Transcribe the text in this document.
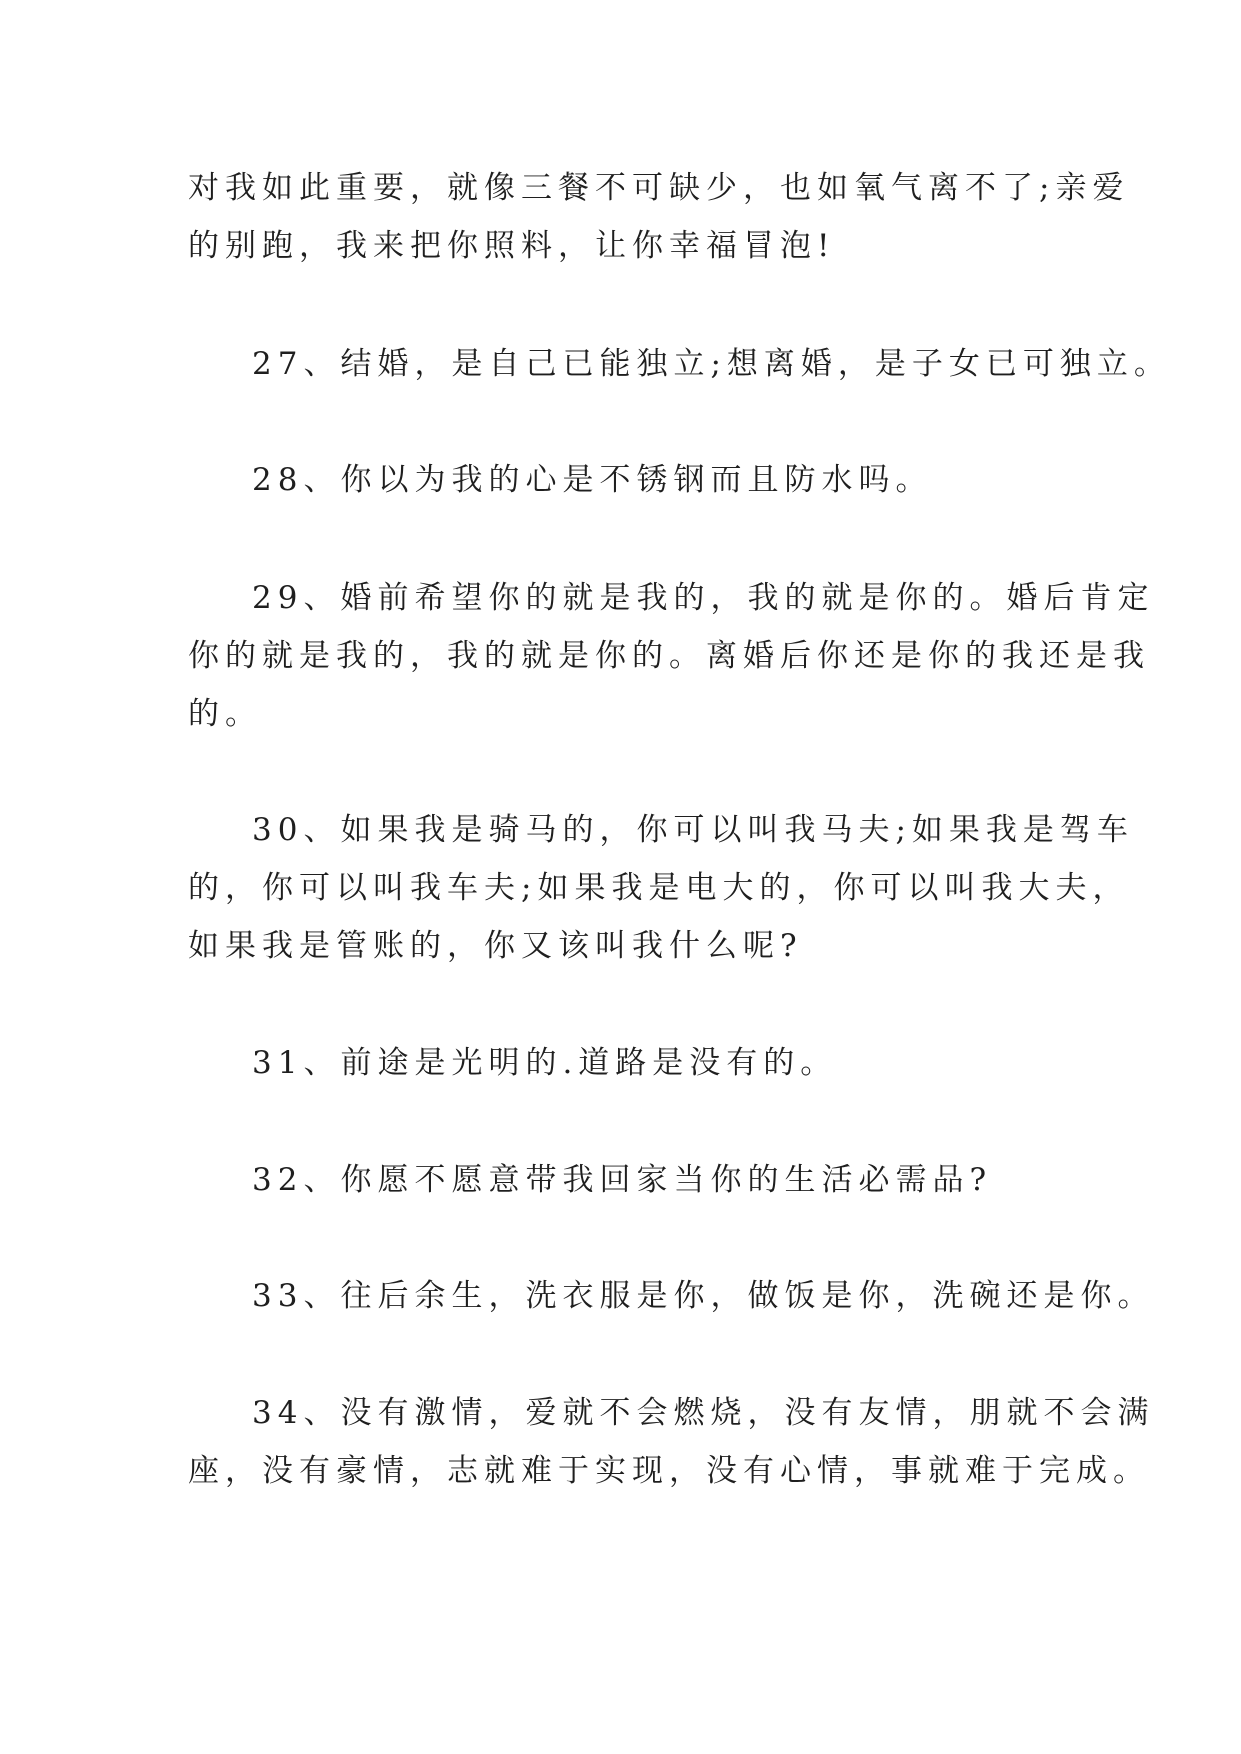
对我如此重要，就像三餐不可缺少，也如氧气离不了;亲爱

的别跑，我来把你照料，让你幸福冒泡!

27、结婚，是自己已能独立;想离婚，是子女已可独立。

28、你以为我的心是不锈钢而且防水吗。

29、婚前希望你的就是我的，我的就是你的。婚后肯定

你的就是我的，我的就是你的。离婚后你还是你的我还是我

的。

30、如果我是骑马的，你可以叫我马夫;如果我是驾车

的，你可以叫我车夫;如果我是电大的，你可以叫我大夫，

如果我是管账的，你又该叫我什么呢?

31、前途是光明的.道路是没有的。

32、你愿不愿意带我回家当你的生活必需品?

33、往后余生，洗衣服是你，做饭是你，洗碗还是你。

34、没有激情，爱就不会燃烧，没有友情，朋就不会满

座，没有豪情，志就难于实现，没有心情，事就难于完成。
